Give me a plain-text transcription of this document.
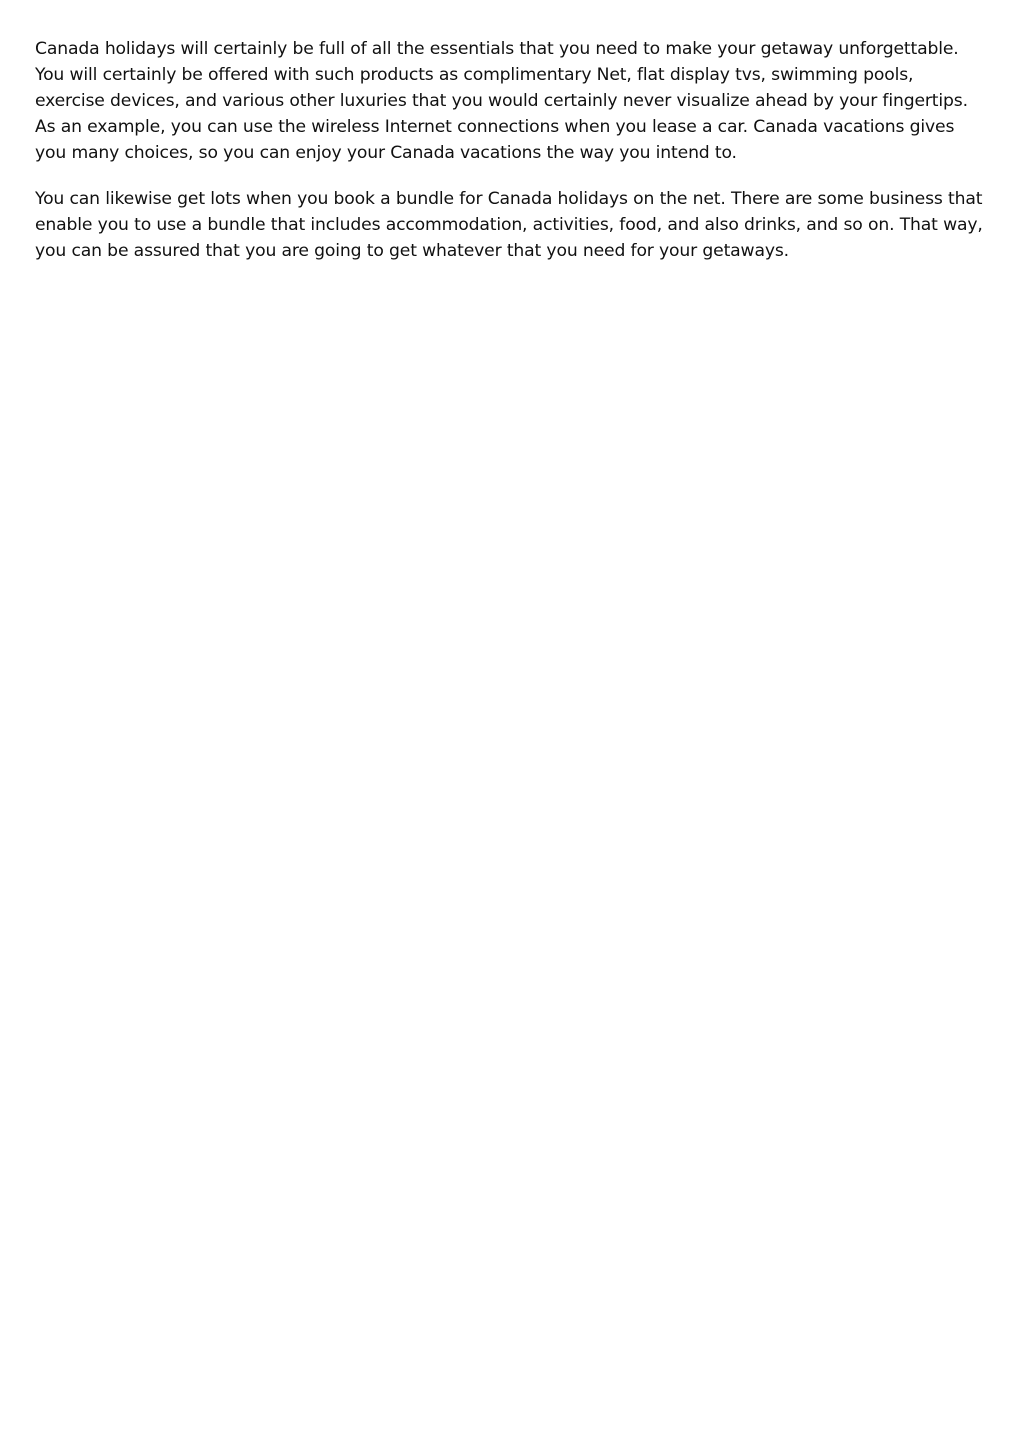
Canada holidays will certainly be full of all the essentials that you need to make your getaway unforgettable. You will certainly be offered with such products as complimentary Net, flat display tvs, swimming pools, exercise devices, and various other luxuries that you would certainly never visualize ahead by your fingertips. As an example, you can use the wireless Internet connections when you lease a car. Canada vacations gives you many choices, so you can enjoy your Canada vacations the way you intend to.

You can likewise get lots when you book a bundle for Canada holidays on the net. There are some business that enable you to use a bundle that includes accommodation, activities, food, and also drinks, and so on. That way, you can be assured that you are going to get whatever that you need for your getaways.
